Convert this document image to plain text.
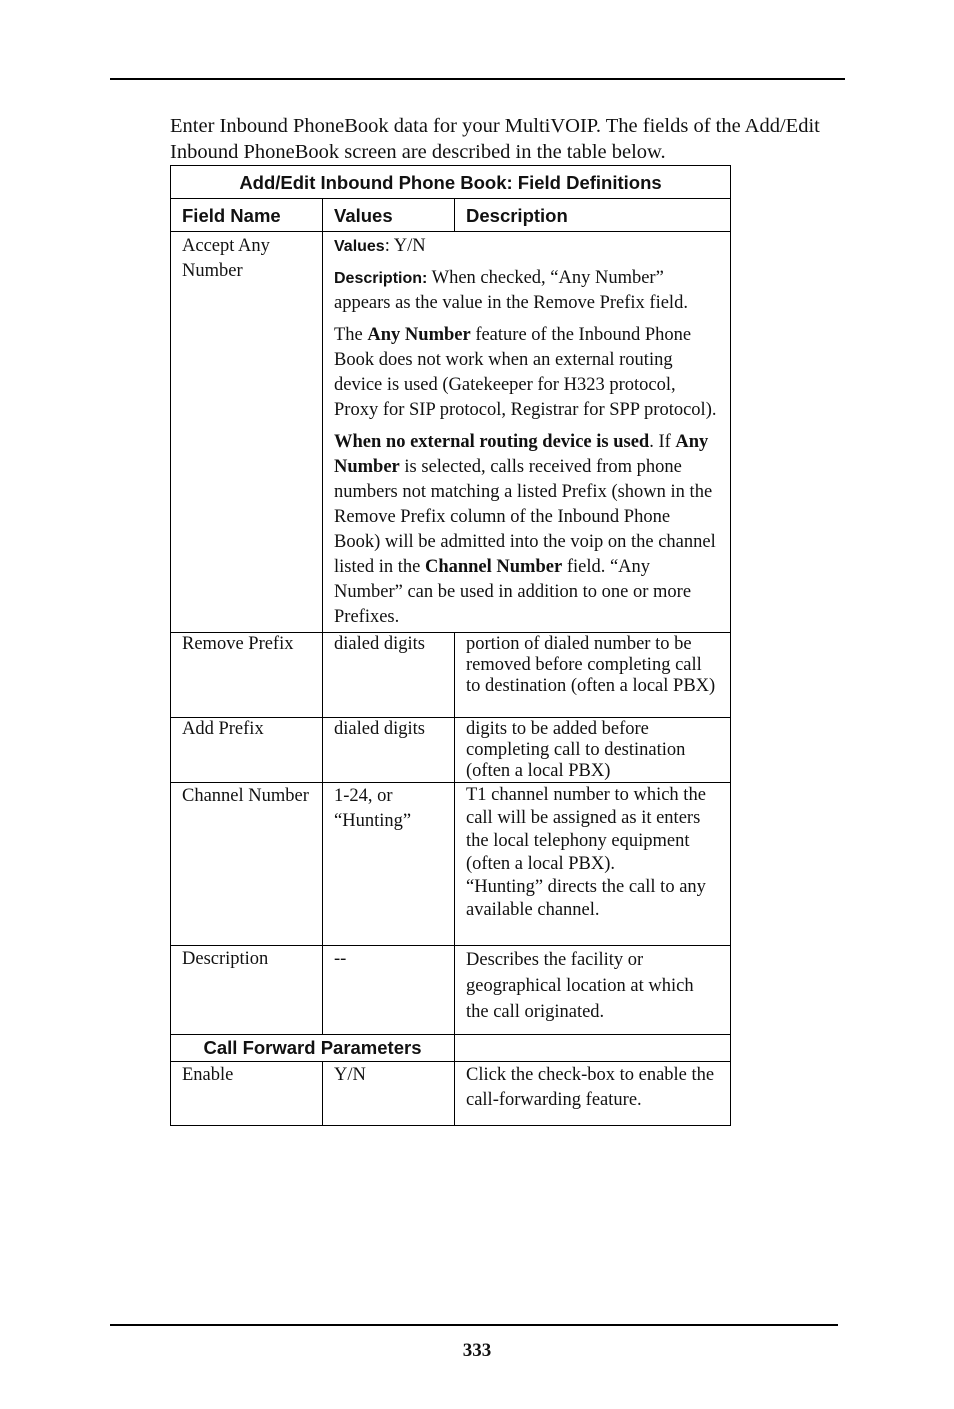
Enter Inbound PhoneBook data for your MultiVOIP. The fields of the Add/Edit Inbound PhoneBook screen are described in the table below.

Add/Edit Inbound Phone Book: Field Definitions		
Field Name	Values	Description
Accept Any Number	Values: Y/N

Description: When checked, “Any Number” appears as the value in the Remove Prefix field.

The Any Number feature of the Inbound Phone Book does not work when an external routing device is used (Gatekeeper for H323 protocol, Proxy for SIP protocol, Registrar for SPP protocol).

When no external routing device is used. If Any Number is selected, calls received from phone numbers not matching a listed Prefix (shown in the Remove Prefix column of the Inbound Phone Book) will be admitted into the voip on the channel listed in the Channel Number field. “Any Number” can be used in addition to one or more Prefixes.	

Remove Prefix	dialed digits	portion of dialed number to be removed before completing call to destination (often a local PBX)
Add Prefix	dialed digits	digits to be added before completing call to destination (often a local PBX)
Channel Number	1-24, or “Hunting”	T1 channel number to which the call will be assigned as it enters the local telephony equipment
(often a local PBX).
“Hunting” directs the call to any available channel.

Description	--	Describes the facility or geographical location at which the call originated.
Call Forward Parameters		
Enable	Y/N	Click the check-box to enable the call-forwarding feature.
333
